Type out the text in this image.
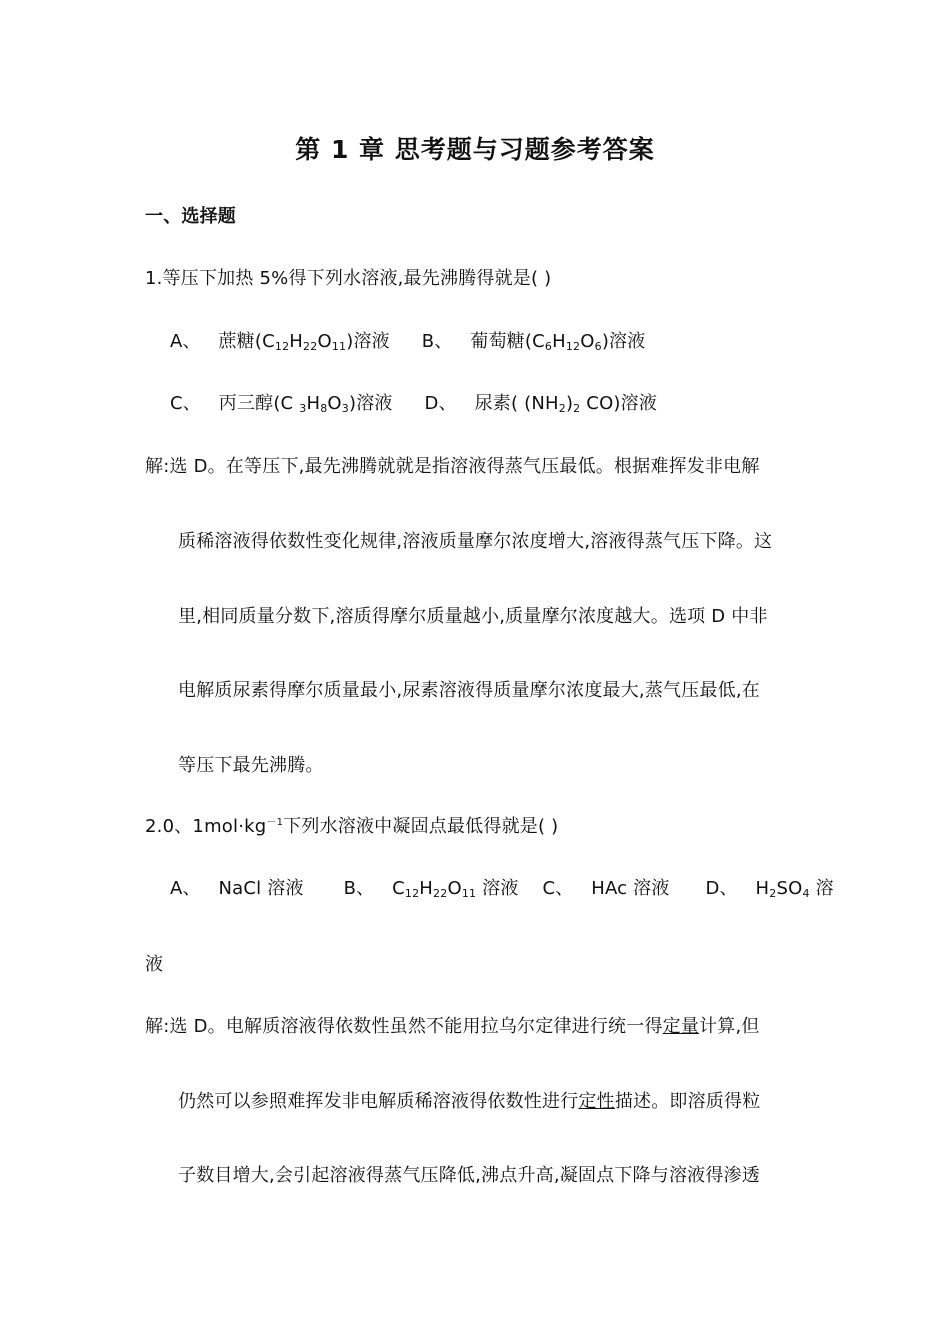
第 1 章 思考题与习题参考答案
一、选择题
1.等压下加热 5%得下列水溶液,最先沸腾得就是( )
A、 蔗糖$(C_{12}H_{22}O_{11})$溶液 B、 葡萄糖$(C_6H_{12}O_6)$溶液
C、 丙三醇(C $_3H_8O_3$)溶液 D、 尿素( $(NH_2)_2$ CO)溶液
解:选 D。在等压下,最先沸腾就就是指溶液得蒸气压最低。根据难挥发非电解
质稀溶液得依数性变化规律,溶液质量摩尔浓度增大,溶液得蒸气压下降。这
里,相同质量分数下,溶质得摩尔质量越小,质量摩尔浓度越大。选项 D 中非
电解质尿素得摩尔质量最小,尿素溶液得质量摩尔浓度最大,蒸气压最低,在
等压下最先沸腾。
2.0、$1mol\cdot kg^{-1}$下列水溶液中凝固点最低得就是( )
A、 NaCl 溶液 B、 $C_{12}H_{22}O_{11}$ 溶液 C、 HAc 溶液 D、 $H_2SO_4$ 溶
液
解:选 D。电解质溶液得依数性虽然不能用拉乌尔定律进行统一得定量计算,但
仍然可以参照难挥发非电解质稀溶液得依数性进行定性描述。即溶质得粒
子数目增大,会引起溶液得蒸气压降低,沸点升高,凝固点下降与溶液得渗透
